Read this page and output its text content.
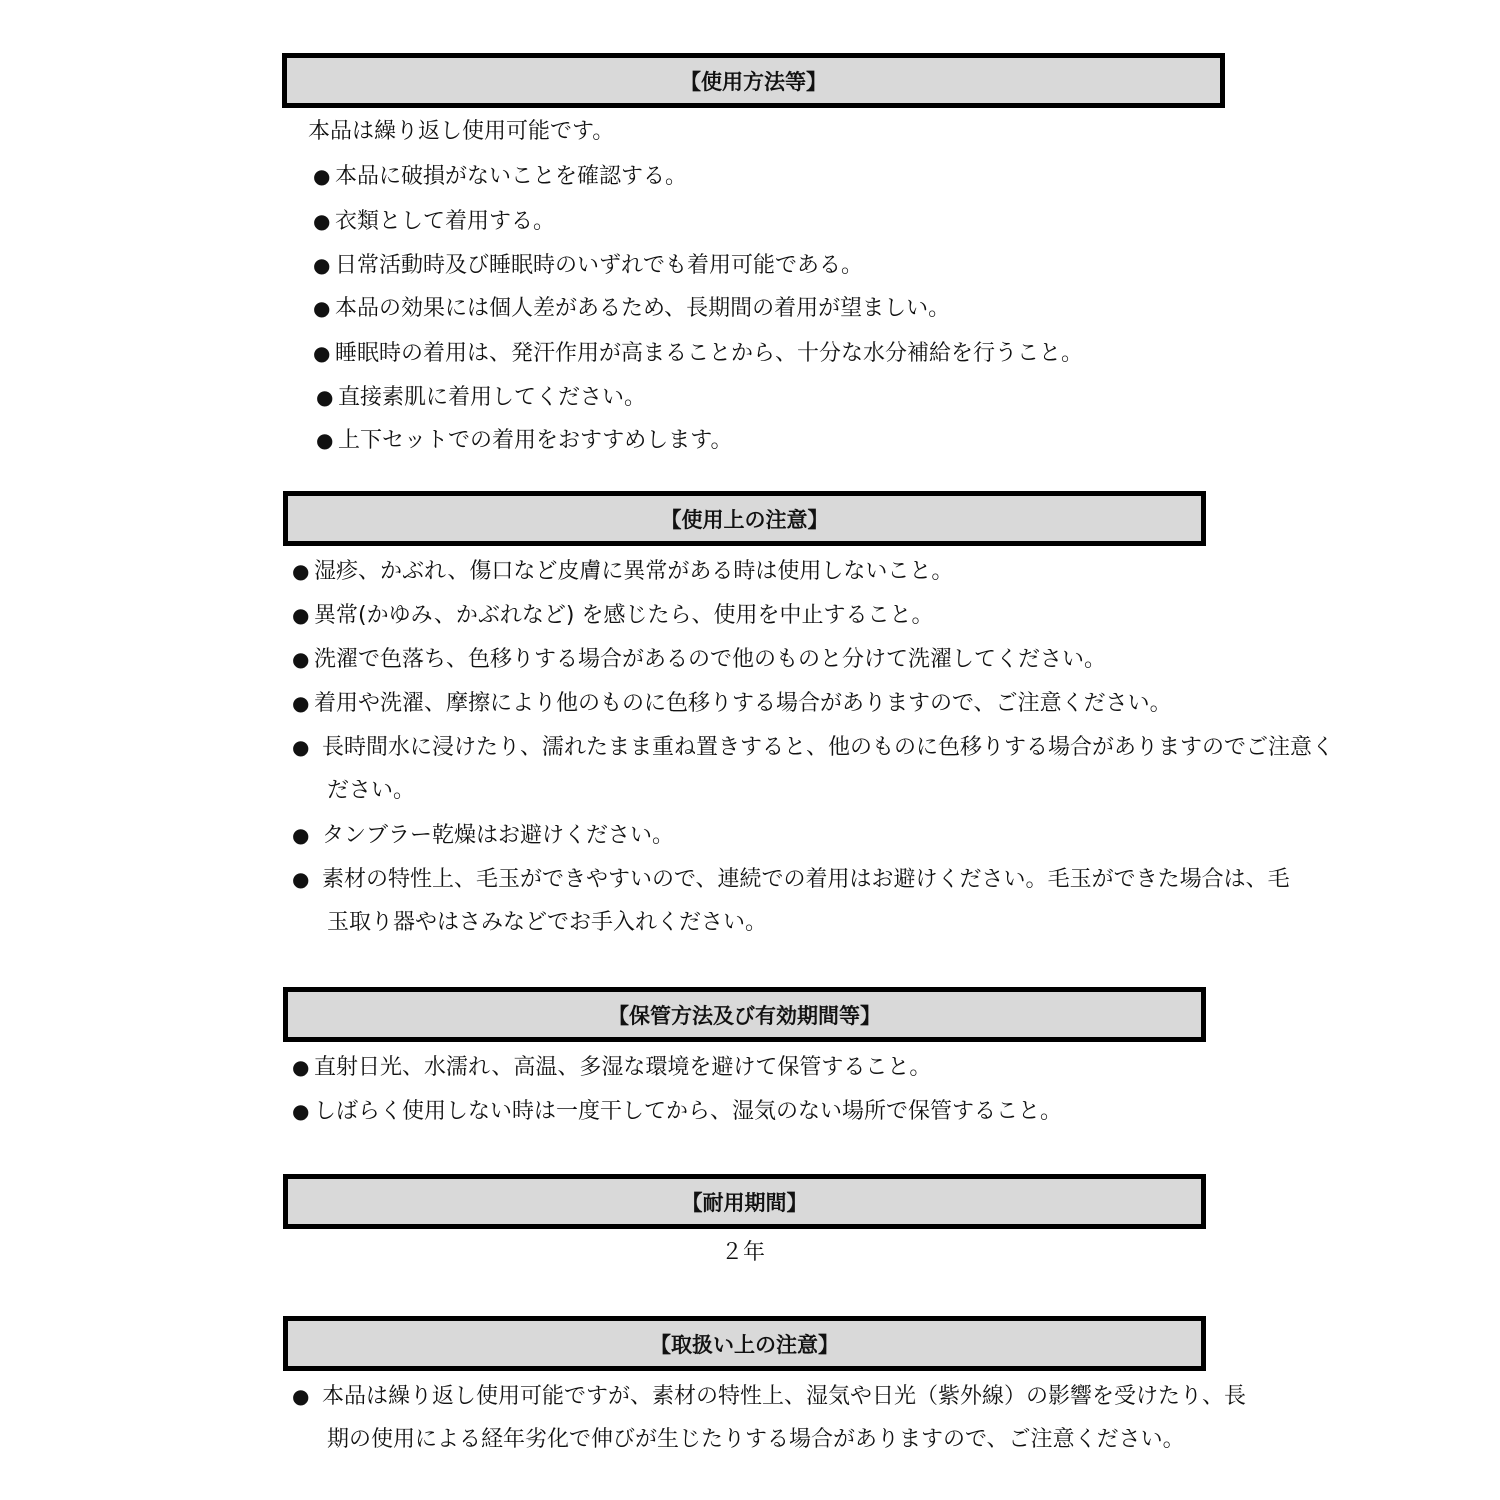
【使用方法等】
本品は繰り返し使用可能です。
● 本品に破損がないことを確認する。
● 衣類として着用する。
● 日常活動時及び睡眠時のいずれでも着用可能である。
● 本品の効果には個人差があるため、長期間の着用が望ましい。
● 睡眠時の着用は、発汗作用が高まることから、十分な水分補給を行うこと。
● 直接素肌に着用してください。
● 上下セットでの着用をおすすめします。
【使用上の注意】
● 湿疹、かぶれ、傷口など皮膚に異常がある時は使用しないこと。
● 異常(かゆみ、かぶれなど) を感じたら、使用を中止すること。
● 洗濯で色落ち、色移りする場合があるので他のものと分けて洗濯してください。
● 着用や洗濯、摩擦により他のものに色移りする場合がありますので、ご注意ください。
● 長時間水に浸けたり、濡れたまま重ね置きすると、他のものに色移りする場合がありますのでご注意く
ださい。
● タンブラー乾燥はお避けください。
● 素材の特性上、毛玉ができやすいので、連続での着用はお避けください。毛玉ができた場合は、毛
玉取り器やはさみなどでお手入れください。
【保管方法及び有効期間等】
● 直射日光、水濡れ、高温、多湿な環境を避けて保管すること。
● しばらく使用しない時は一度干してから、湿気のない場所で保管すること。
【耐用期間】
２年
【取扱い上の注意】
● 本品は繰り返し使用可能ですが、素材の特性上、湿気や日光（紫外線）の影響を受けたり、長
期の使用による経年劣化で伸びが生じたりする場合がありますので、ご注意ください。
